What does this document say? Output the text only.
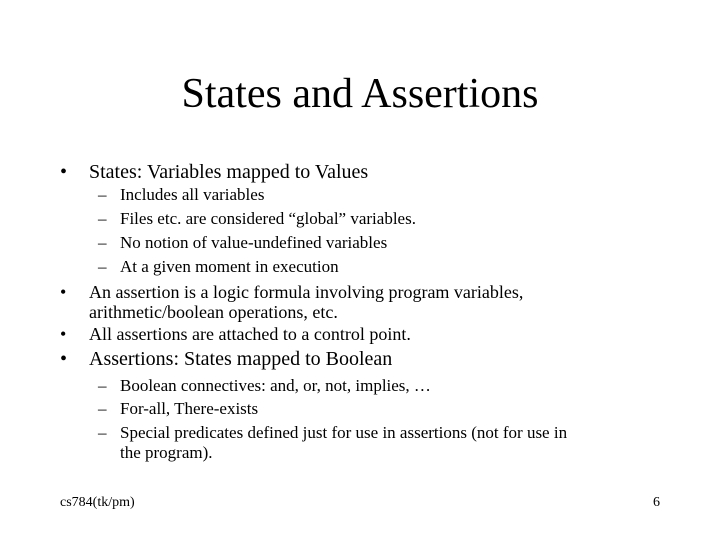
States and Assertions
•	States: Variables mapped to Values
– Includes all variables
– Files etc. are considered “global” variables.
– No notion of value-undefined variables
– At a given moment in execution
•	An assertion is a logic formula involving program variables,
arithmetic/boolean operations, etc.
•	All assertions are attached to a control point.
•	Assertions: States mapped to Boolean
– Boolean connectives: and, or, not, implies, …
– For-all, There-exists
– Special predicates defined just for use in assertions (not for use in
the program).
cs784(tk/pm)	6
